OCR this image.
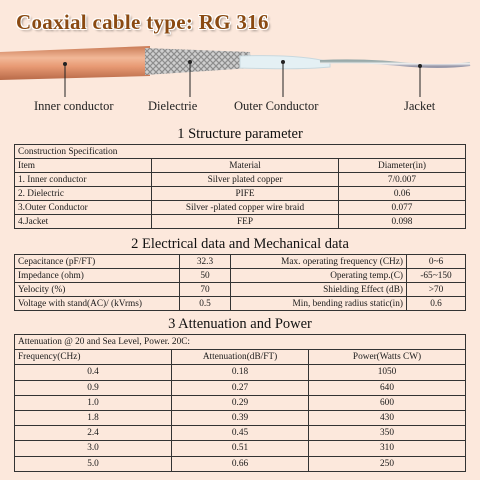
Coaxial cable type: RG 316
Inner conductor	Dielectrie	Outer Conductor	Jacket
1 Structure parameter
Construction Specification		
Item	Material	Diameter(in)
1. Inner conductor	Silver plated copper	7/0.007
2. Dielectric	PIFE	0.06
3.Outer Conductor	Silver -plated copper wire braid	0.077
4.Jacket	FEP	0.098
2 Electrical data and Mechanical data
Cepacitance (pF/FT)	32.3	Max. operating frequency (CHz)	0~6
Impedance (ohm)	50	Operating temp.(C)	-65~150
Yelocity (%)	70	Shielding Effect (dB)	>70
Voltage with stand(AC)/ (kVrms)	0.5	Min, bending radius static(in)	0.6
3 Attenuation and Power
Attenuation @ 20 and Sea Level, Power. 20C:		
Frequency(CHz)	Attenuation(dB/FT)	Power(Watts CW)
0.4	0.18	1050
0.9	0.27	640
1.0	0.29	600
1.8	0.39	430
2.4	0.45	350
3.0	0.51	310
5.0	0.66	250
